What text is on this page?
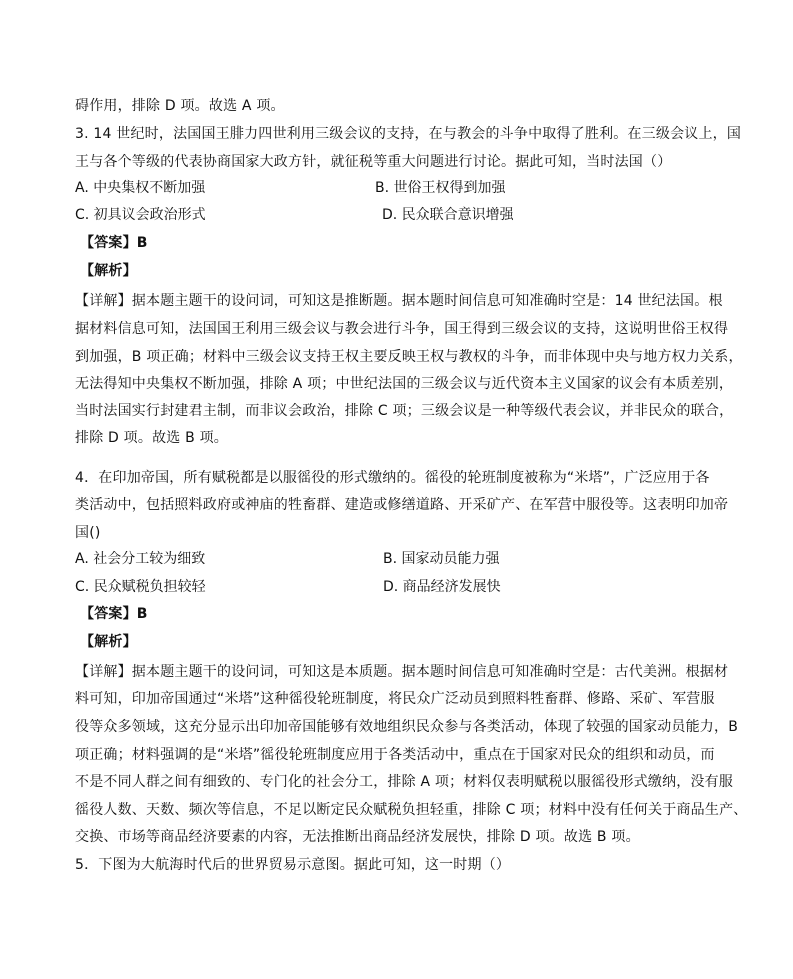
碍作用，排除 D 项。故选 A 项。
3. 14 世纪时，法国国王腓力四世利用三级会议的支持，在与教会的斗争中取得了胜利。在三级会议上，国
王与各个等级的代表协商国家大政方针，就征税等重大问题进行讨论。据此可知，当时法国（）
A. 中央集权不断加强	B. 世俗王权得到加强
C. 初具议会政治形式	D. 民众联合意识增强
【答案】B
【解析】
【详解】据本题主题干的设问词，可知这是推断题。据本题时间信息可知准确时空是：14 世纪法国。根
据材料信息可知，法国国王利用三级会议与教会进行斗争，国王得到三级会议的支持，这说明世俗王权得
到加强，B 项正确；材料中三级会议支持王权主要反映王权与教权的斗争，而非体现中央与地方权力关系，
无法得知中央集权不断加强，排除 A 项；中世纪法国的三级会议与近代资本主义国家的议会有本质差别，
当时法国实行封建君主制，而非议会政治，排除 C 项；三级会议是一种等级代表会议，并非民众的联合，
排除 D 项。故选 B 项。
4．在印加帝国，所有赋税都是以服徭役的形式缴纳的。徭役的轮班制度被称为“米塔”，广泛应用于各
类活动中，包括照料政府或神庙的牲畜群、建造或修缮道路、开采矿产、在军营中服役等。这表明印加帝
国()
A. 社会分工较为细致	B. 国家动员能力强
C. 民众赋税负担较轻	D. 商品经济发展快
【答案】B
【解析】
【详解】据本题主题干的设问词，可知这是本质题。据本题时间信息可知准确时空是：古代美洲。根据材
料可知，印加帝国通过“米塔”这种徭役轮班制度，将民众广泛动员到照料牲畜群、修路、采矿、军营服
役等众多领域，这充分显示出印加帝国能够有效地组织民众参与各类活动，体现了较强的国家动员能力，B
项正确；材料强调的是“米塔”徭役轮班制度应用于各类活动中，重点在于国家对民众的组织和动员，而
不是不同人群之间有细致的、专门化的社会分工，排除 A 项；材料仅表明赋税以服徭役形式缴纳，没有服
徭役人数、天数、频次等信息，不足以断定民众赋税负担轻重，排除 C 项；材料中没有任何关于商品生产、
交换、市场等商品经济要素的内容，无法推断出商品经济发展快，排除 D 项。故选 B 项。
5．下图为大航海时代后的世界贸易示意图。据此可知，这一时期（）
